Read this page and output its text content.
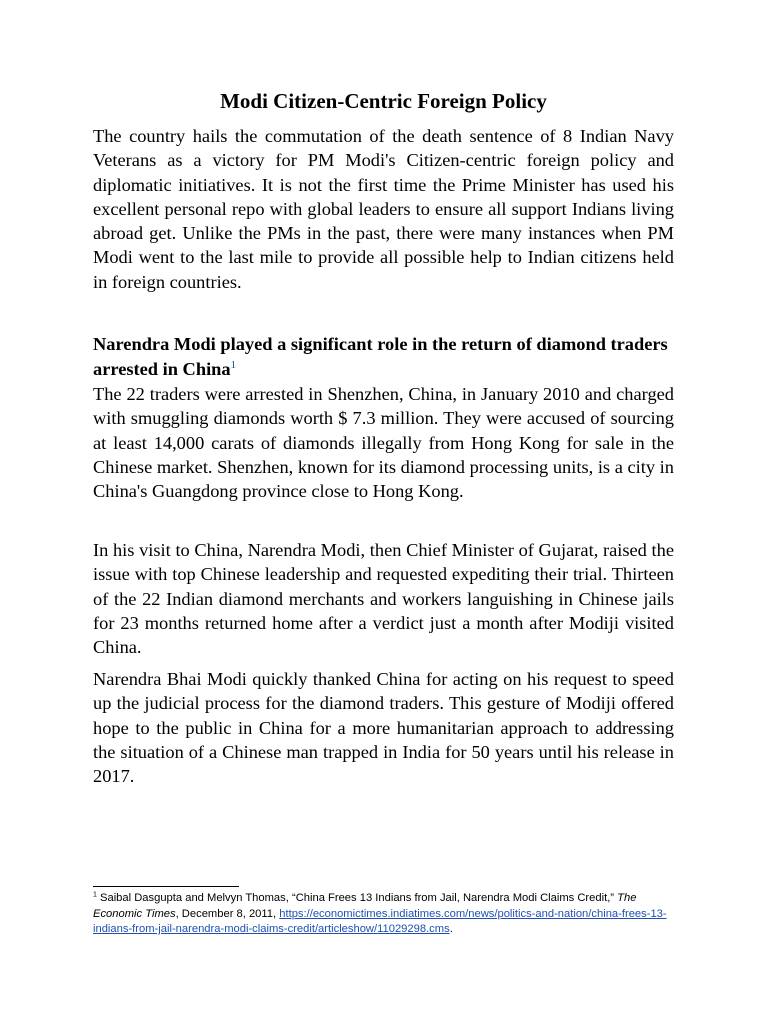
Modi Citizen-Centric Foreign Policy

The country hails the commutation of the death sentence of 8 Indian Navy Veterans as a victory for PM Modi's Citizen-centric foreign policy and diplomatic initiatives. It is not the first time the Prime Minister has used his excellent personal repo with global leaders to ensure all support Indians living abroad get. Unlike the PMs in the past, there were many instances when PM Modi went to the last mile to provide all possible help to Indian citizens held in foreign countries.

Narendra Modi played a significant role in the return of diamond traders arrested in China$^1$

The 22 traders were arrested in Shenzhen, China, in January 2010 and charged with smuggling diamonds worth $ 7.3 million. They were accused of sourcing at least 14,000 carats of diamonds illegally from Hong Kong for sale in the Chinese market. Shenzhen, known for its diamond processing units, is a city in China's Guangdong province close to Hong Kong.

In his visit to China, Narendra Modi, then Chief Minister of Gujarat, raised the issue with top Chinese leadership and requested expediting their trial. Thirteen of the 22 Indian diamond merchants and workers languishing in Chinese jails for 23 months returned home after a verdict just a month after Modiji visited China.

Narendra Bhai Modi quickly thanked China for acting on his request to speed up the judicial process for the diamond traders. This gesture of Modiji offered hope to the public in China for a more humanitarian approach to addressing the situation of a Chinese man trapped in India for 50 years until his release in 2017.

$^1$ Saibal Dasgupta and Melvyn Thomas, “China Frees 13 Indians from Jail, Narendra Modi Claims Credit,” The Economic Times, December 8, 2011, https://economictimes.indiatimes.com/news/politics-and-nation/china-frees-13-indians-from-jail-narendra-modi-claims-credit/articleshow/11029298.cms.
